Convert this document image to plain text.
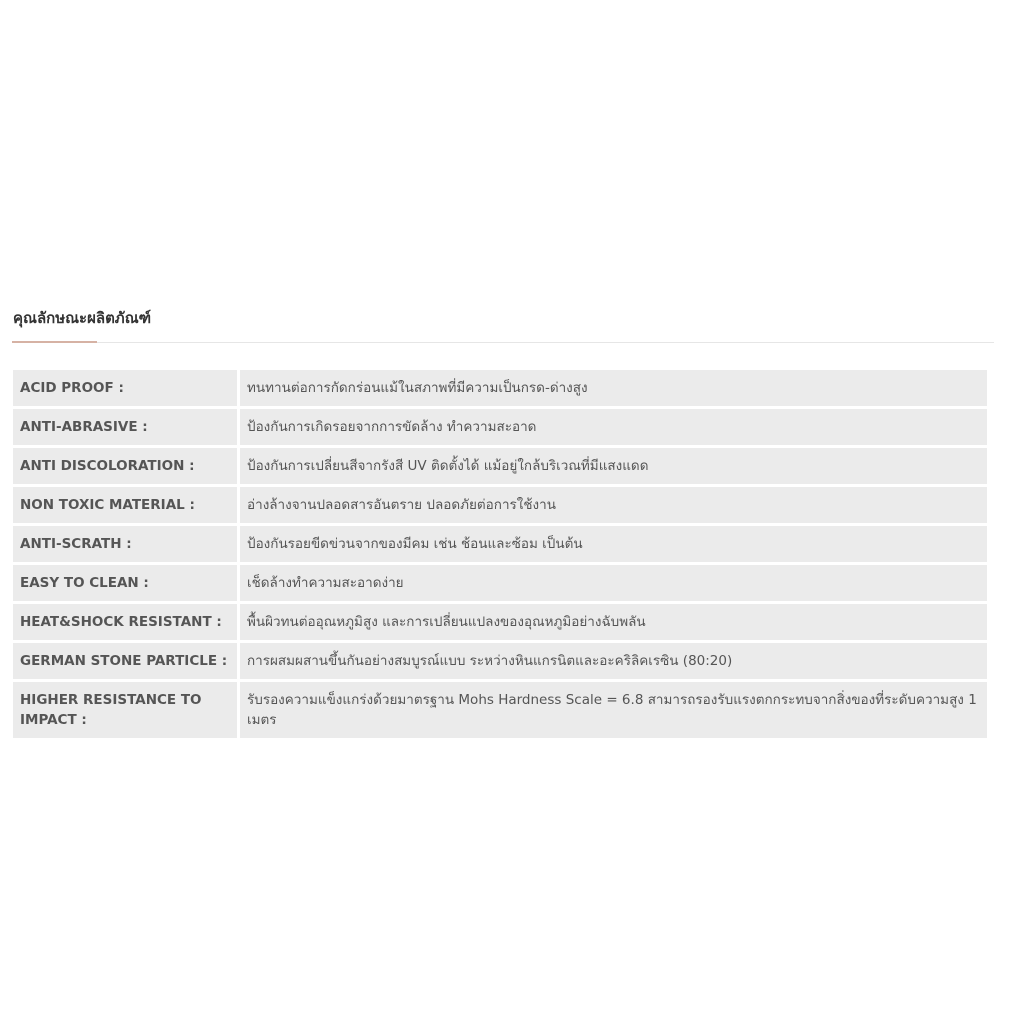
คุณลักษณะผลิตภัณฑ์
ACID PROOF :	ทนทานต่อการกัดกร่อนแม้ในสภาพที่มีความเป็นกรด-ด่างสูง
ANTI-ABRASIVE :	ป้องกันการเกิดรอยจากการขัดล้าง ทำความสะอาด
ANTI DISCOLORATION :	ป้องกันการเปลี่ยนสีจากรังสี UV ติดตั้งได้ แม้อยู่ใกล้บริเวณที่มีแสงแดด
NON TOXIC MATERIAL :	อ่างล้างจานปลอดสารอันตราย ปลอดภัยต่อการใช้งาน
ANTI-SCRATH :	ป้องกันรอยขีดข่วนจากของมีคม เช่น ช้อนและซ้อม เป็นต้น
EASY TO CLEAN :	เช็ดล้างทำความสะอาดง่าย
HEAT&SHOCK RESISTANT :	พื้นผิวทนต่ออุณหภูมิสูง และการเปลี่ยนแปลงของอุณหภูมิอย่างฉับพลัน
GERMAN STONE PARTICLE :	การผสมผสานขึ้นกันอย่างสมบูรณ์แบบ ระหว่างหินแกรนิตและอะคริลิคเรซิน (80:20)
HIGHER RESISTANCE TO IMPACT :	รับรองความแข็งแกร่งด้วยมาตรฐาน Mohs Hardness Scale = 6.8 สามารถรองรับแรงตกกระทบจากสิ่งของที่ระดับความสูง 1 เมตร
